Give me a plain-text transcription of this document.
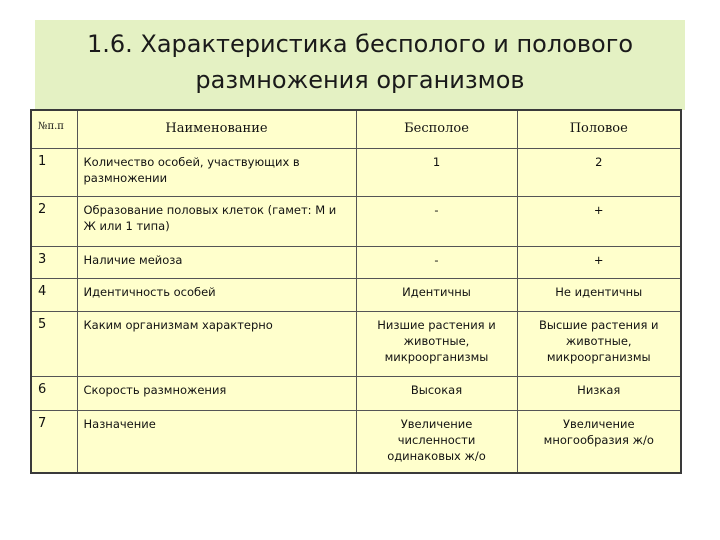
1.6. Характеристика бесполого и полового
размножения организмов
№п.п	Наименование	Бесполое	Половое
1	Количество особей, участвующих в размножении	1	2
2	Образование половых клеток (гамет: М и Ж или 1 типа)	-	+
3	Наличие мейоза	-	+
4	Идентичность особей	Идентичны	Не идентичны
5	Каким организмам характерно	Низшие растения и животные, микроорганизмы	Высшие растения и животные, микроорганизмы
6	Скорость размножения	Высокая	Низкая
7	Назначение	Увеличение численности одинаковых ж/о	Увеличение многообразия ж/о
